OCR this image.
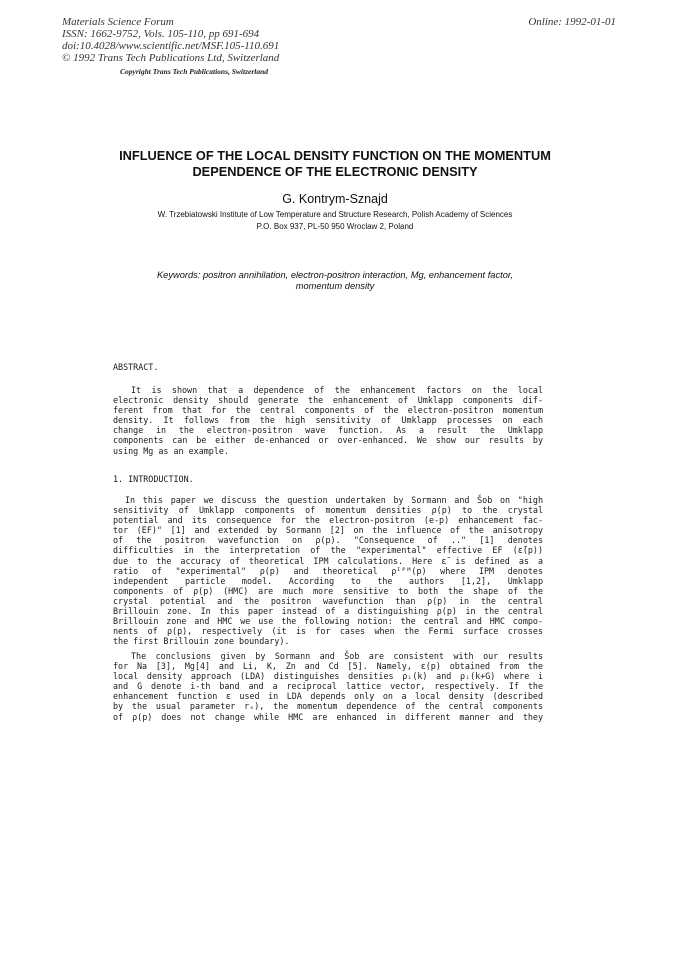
Materials Science Forum
ISSN: 1662-9752, Vols. 105-110, pp 691-694
doi:10.4028/www.scientific.net/MSF.105-110.691
© 1992 Trans Tech Publications Ltd, Switzerland
Online: 1992-01-01
Copyright Trans Tech Publications, Switzerland
INFLUENCE OF THE LOCAL DENSITY FUNCTION ON THE MOMENTUM
DEPENDENCE OF THE ELECTRONIC DENSITY
G. Kontrym-Sznajd
W. Trzebiatowski Institute of Low Temperature and Structure Research, Polish Academy of Sciences
P.O. Box 937, PL-50 950 Wroclaw 2, Poland
Keywords: positron annihilation, electron-positron interaction, Mg, enhancement factor,
momentum density
ABSTRACT.
It is shown that a dependence of the enhancement factors on the local
electronic density should generate the enhancement of Umklapp components dif-
ferent from that for the central components of the electron-positron momentum
density. It follows from the high sensitivity of Umklapp processes on each
change in the electron-positron wave function. As a result the Umklapp
components can be either de-enhanced or over-enhanced. We show our results by
using Mg as an example.
1. INTRODUCTION.
In this paper we discuss the question undertaken by Sormann and Šob on "high
sensitivity of Umklapp components of momentum densities ρ(p) to the crystal
potential and its consequence for the electron-positron (e-p) enhancement fac-
tor (EF)" [1] and extended by Sormann [2] on the influence of the anisotropy
of the positron wavefunction on ρ(p). "Consequence of .." [1] denotes
difficulties in the interpretation of the "experimental" effective EF (ε̃(p))
due to the accuracy of theoretical IPM calculations. Here ε̃ is defined as a
ratio of "experimental" ρ(p) and theoretical ρᴵᴾᴹ(p) where IPM denotes
independent particle model. According to the authors [1,2], Umklapp
components of ρ(p) (HMC) are much more sensitive to both the shape of the
crystal potential and the positron wavefunction than ρ(p) in the central
Brillouin zone. In this paper instead of a distinguishing ρ(p) in the central
Brillouin zone and HMC we use the following notion: the central and HMC compo-
nents of ρ(p), respectively (it is for cases when the Fermi surface crosses
the first Brillouin zone boundary).
The conclusions given by Sormann and Šob are consistent with our results
for Na [3], Mg[4] and Li, K, Zn and Cd [5]. Namely, ε(p) obtained from the
local density approach (LDA) distinguishes densities ρᵢ(k) and ρᵢ(k+G) where i
and G denote i-th band and a reciprocal lattice vector, respectively. If the
enhancement function ε used in LDA depends only on a local density (described
by the usual parameter rₛ), the momentum dependence of the central components
of ρ(p) does not change while HMC are enhanced in different manner and they
